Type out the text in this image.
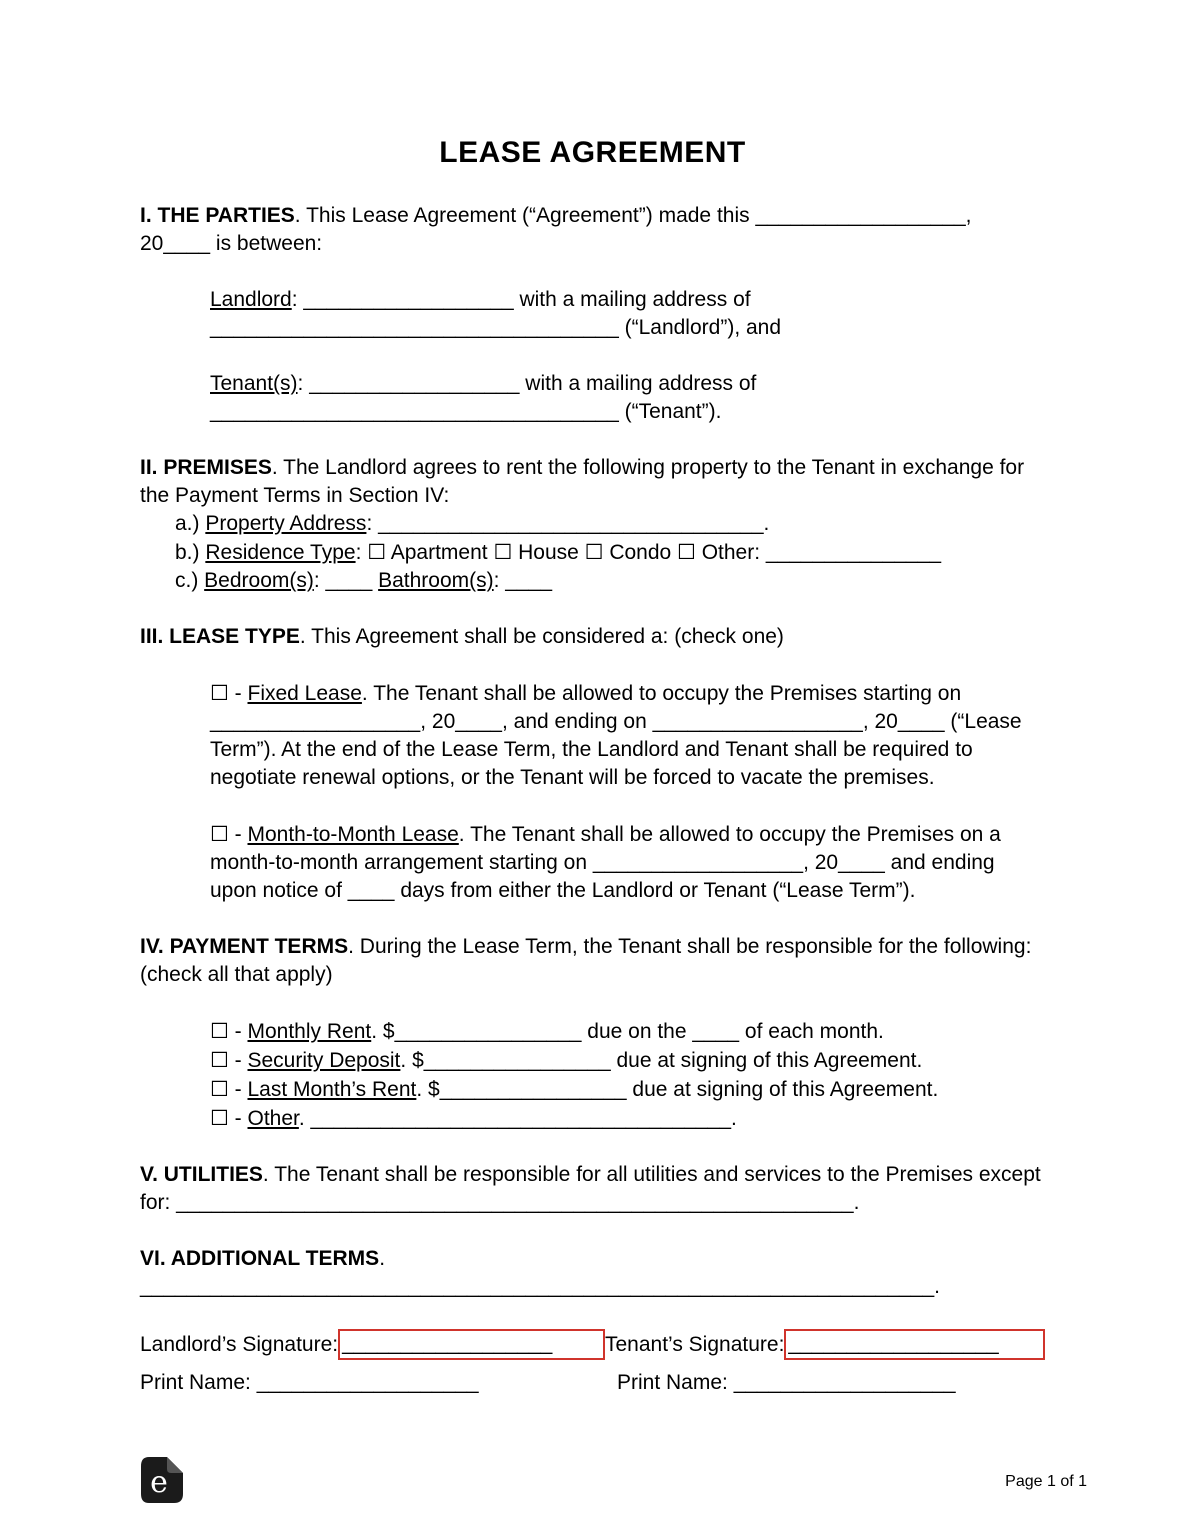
LEASE AGREEMENT

I. THE PARTIES. This Lease Agreement (“Agreement”) made this __________________, 20____ is between:

Landlord: __________________ with a mailing address of ___________________________________ (“Landlord”), and

Tenant(s): __________________ with a mailing address of ___________________________________ (“Tenant”).

II. PREMISES. The Landlord agrees to rent the following property to the Tenant in exchange for the Payment Terms in Section IV:

a.) Property Address: _________________________________.
b.) Residence Type: ☐ Apartment ☐ House ☐ Condo ☐ Other: _______________
c.) Bedroom(s): ____ Bathroom(s): ____

III. LEASE TYPE. This Agreement shall be considered a: (check one)

☐ - Fixed Lease. The Tenant shall be allowed to occupy the Premises starting on __________________, 20____, and ending on __________________, 20____ (“Lease Term”). At the end of the Lease Term, the Landlord and Tenant shall be required to negotiate renewal options, or the Tenant will be forced to vacate the premises.

☐ - Month-to-Month Lease. The Tenant shall be allowed to occupy the Premises on a month-to-month arrangement starting on __________________, 20____ and ending upon notice of ____ days from either the Landlord or Tenant (“Lease Term”).

IV. PAYMENT TERMS. During the Lease Term, the Tenant shall be responsible for the following: (check all that apply)

☐ - Monthly Rent. $________________ due on the ____ of each month.
☐ - Security Deposit. $________________ due at signing of this Agreement.
☐ - Last Month’s Rent. $________________ due at signing of this Agreement.
☐ - Other. ____________________________________.

V. UTILITIES. The Tenant shall be responsible for all utilities and services to the Premises except for: __________________________________________________________.

VI. ADDITIONAL TERMS. ____________________________________________________________________.

Landlord’s Signature: __________________	Tenant’s Signature: __________________
Print Name: ___________________	Print Name: ___________________
e	Page 1 of 1
